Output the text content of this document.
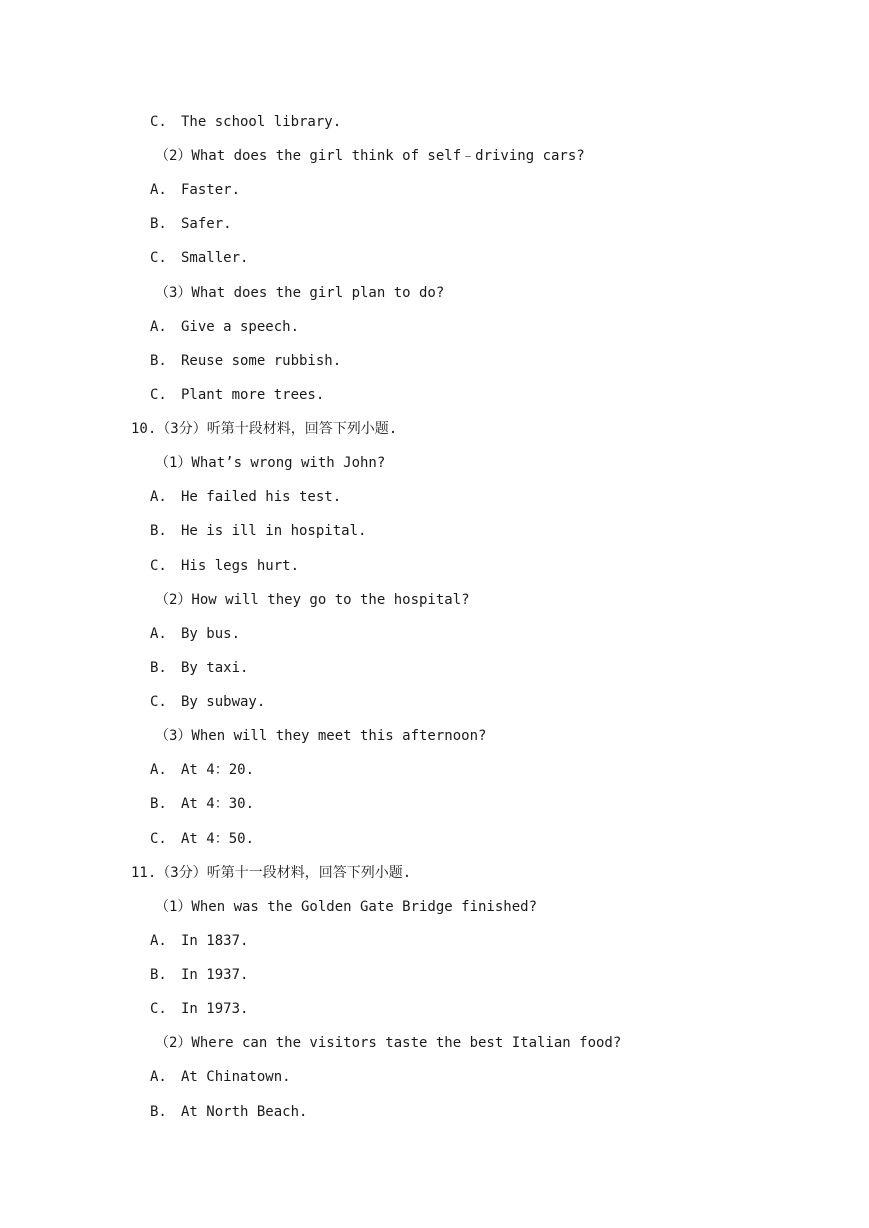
C. The school library.
（2）What does the girl think of self﹣driving cars?
A. Faster.
B. Safer.
C. Smaller.
（3）What does the girl plan to do?
A. Give a speech.
B. Reuse some rubbish.
C. Plant more trees.
10.（3分）听第十段材料，回答下列小题.
（1）What’s wrong with John?
A. He failed his test.
B. He is ill in hospital.
C. His legs hurt.
（2）How will they go to the hospital?
A. By bus.
B. By taxi.
C. By subway.
（3）When will they meet this afternoon?
A. At 4：20.
B. At 4：30.
C. At 4：50.
11.（3分）听第十一段材料，回答下列小题.
（1）When was the Golden Gate Bridge finished?
A. In 1837.
B. In 1937.
C. In 1973.
（2）Where can the visitors taste the best Italian food?
A. At Chinatown.
B. At North Beach.
